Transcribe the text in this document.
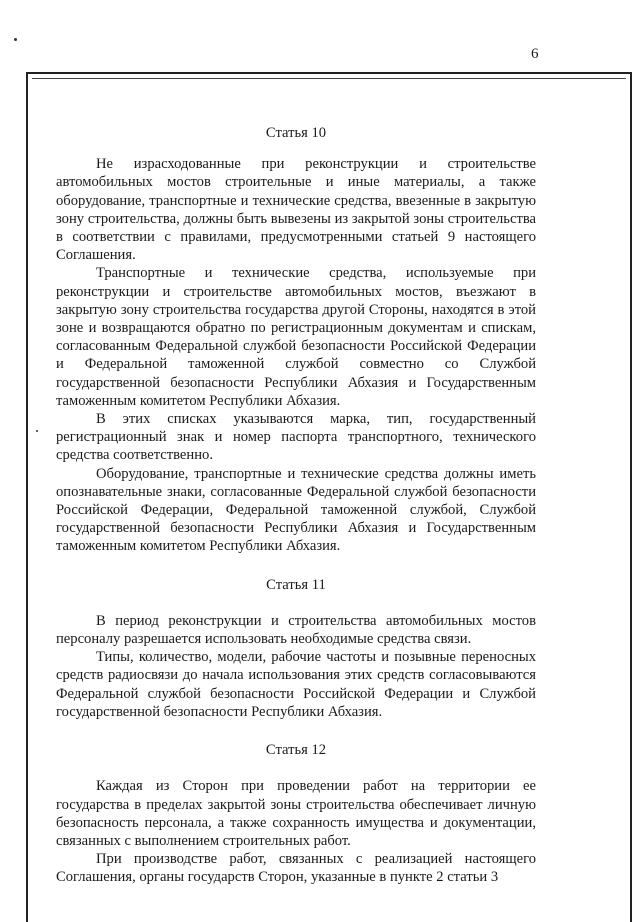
6
Статья 10

Не израсходованные при реконструкции и строительстве автомобильных мостов строительные и иные материалы, а также оборудование, транспортные и технические средства, ввезенные в закрытую зону строительства, должны быть вывезены из закрытой зоны строительства в соответствии с правилами, предусмотренными статьей 9 настоящего Соглашения.

Транспортные и технические средства, используемые при реконструкции и строительстве автомобильных мостов, въезжают в закрытую зону строительства государства другой Стороны, находятся в этой зоне и возвращаются обратно по регистрационным документам и спискам, согласованным Федеральной службой безопасности Российской Федерации и Федеральной таможенной службой совместно со Службой государственной безопасности Республики Абхазия и Государственным таможенным комитетом Республики Абхазия.

В этих списках указываются марка, тип, государственный регистрационный знак и номер паспорта транспортного, технического средства соответственно.

Оборудование, транспортные и технические средства должны иметь опознавательные знаки, согласованные Федеральной службой безопасности Российской Федерации, Федеральной таможенной службой, Службой государственной безопасности Республики Абхазия и Государственным таможенным комитетом Республики Абхазия.

Статья 11

В период реконструкции и строительства автомобильных мостов персоналу разрешается использовать необходимые средства связи.

Типы, количество, модели, рабочие частоты и позывные переносных средств радиосвязи до начала использования этих средств согласовываются Федеральной службой безопасности Российской Федерации и Службой государственной безопасности Республики Абхазия.

Статья 12

Каждая из Сторон при проведении работ на территории ее государства в пределах закрытой зоны строительства обеспечивает личную безопасность персонала, а также сохранность имущества и документации, связанных с выполнением строительных работ.

При производстве работ, связанных с реализацией настоящего Соглашения, органы государств Сторон, указанные в пункте 2 статьи 3
